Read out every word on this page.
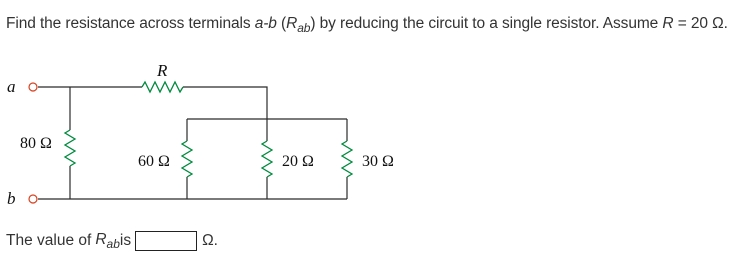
Find the resistance across terminals a-b $(R_{ab})$ by reducing the circuit to a single resistor. Assume R = 20 Ω.
a
b
R
80 Ω
60 Ω	20 Ω	30 Ω
The value of $R_{ab}$ is	Ω.
